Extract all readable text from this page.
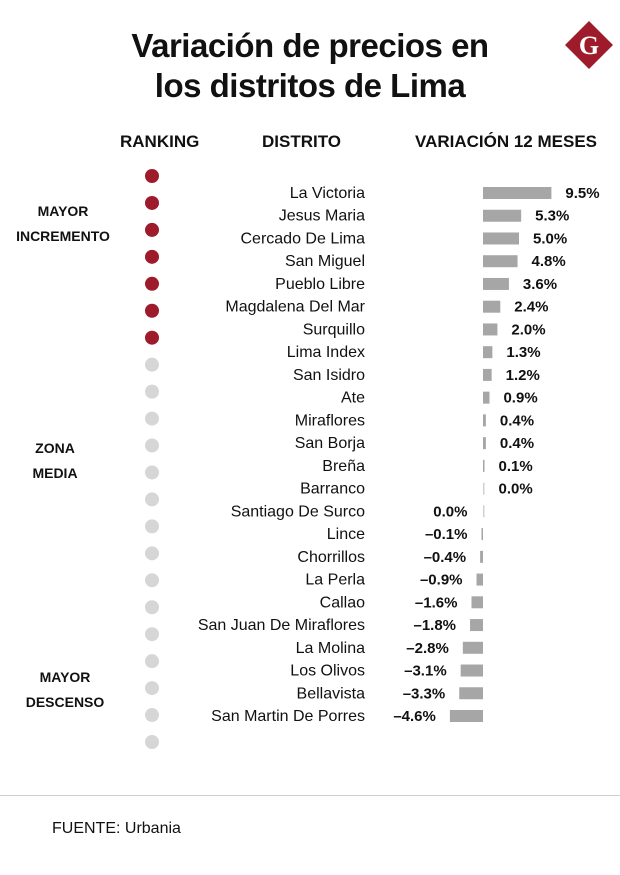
Variación de precios en
los distritos de Lima
G
RANKING	DISTRITO	VARIACIÓN 12 MESES
MAYOR
INCREMENTO
ZONA
MEDIA
MAYOR
DESCENSO
La Victoria	9.5%
Jesus Maria	5.3%
Cercado De Lima	5.0%
San Miguel	4.8%
Pueblo Libre	3.6%
Magdalena Del Mar	2.4%
Surquillo	2.0%
Lima Index	1.3%
San Isidro	1.2%
Ate	0.9%
Miraflores	0.4%
San Borja	0.4%
Breña	0.1%
Barranco	0.0%
Santiago De Surco	0.0%
Lince	–0.1%
Chorrillos	–0.4%
La Perla	–0.9%
Callao	–1.6%
San Juan De Miraflores	–1.8%
La Molina	–2.8%
Los Olivos	–3.1%
Bellavista	–3.3%
San Martin De Porres –4.6%
FUENTE: Urbania
